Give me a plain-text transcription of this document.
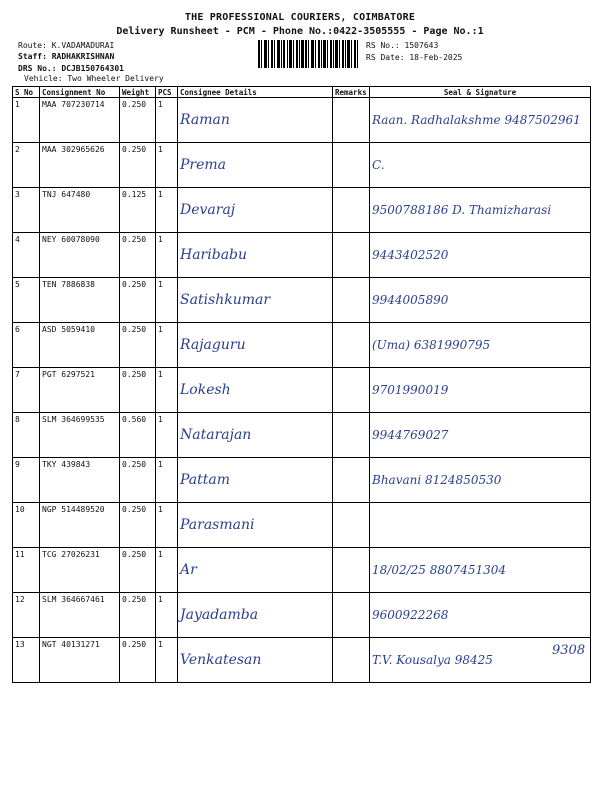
THE PROFESSIONAL COURIERS, COIMBATORE
Delivery Runsheet - PCM - Phone No.:0422-3505555 - Page No.:1
Route: K.VADAMADURAI
Staff: RADHAKRISHNAN
DRS No.: DCJB150764301
Vehicle: Two Wheeler Delivery
RS No.: 1507643
RS Date: 18-Feb-2025
S No	Consignment No	Weight	PCS	Consignee Details	Remarks	Seal & Signature
1	MAA 707230714	0.250	1	Raman		Raan. Radhalakshme 9487502961

2	MAA 302965626	0.250	1	Prema		C.

3	TNJ 647480	0.125	1	Devaraj		9500788186 D. Thamizharasi

4	NEY 60078090	0.250	1	Haribabu		9443402520

5	TEN 7886838	0.250	1	Satishkumar		9944005890

6	ASD 5059410	0.250	1	Rajaguru		(Uma) 6381990795

7	PGT 6297521	0.250	1	Lokesh		9701990019

8	SLM 364699535	0.560	1	Natarajan		9944769027

9	TKY 439843	0.250	1	Pattam		Bhavani 8124850530

10	NGP 514489520	0.250	1	Parasmani		

11	TCG 27026231	0.250	1	Ar		18/02/25 8807451304

12	SLM 364667461	0.250	1	Jayadamba		9600922268

13	NGT 40131271	0.250	1	Venkatesan		T.V. Kousalya 98425
9308
